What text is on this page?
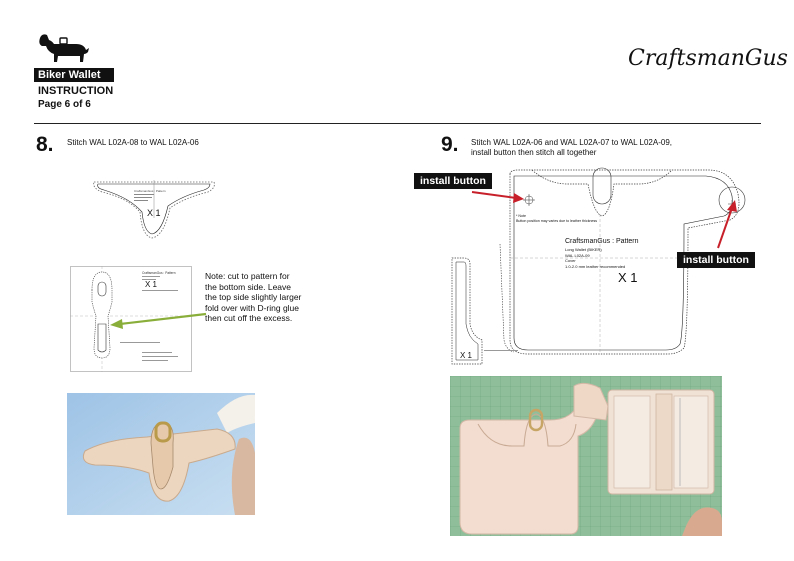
Biker Wallet
INSTRUCTION
Page 6 of 6
CraftsmanGus
8. Stitch WAL L02A-08 to WAL L02A-06
CraftsmanGus : Pattern
X 1
CraftsmanGus : Pattern
X 1
Note: cut to pattern for
the bottom side. Leave
the top side slightly larger
fold over with D-ring glue
then cut off the excess.
9. Stitch WAL L02A-06 and WAL L02A-07 to WAL L02A-09,
install button then stitch all together
* Note
Button position may varies due to leather thickness
CraftsmanGus : Pattern
Long Wallet (BIKER)
WAL L02A-09
Cover
1.0-2.0 mm leather recommended
X 1
X 1
install button
install button
